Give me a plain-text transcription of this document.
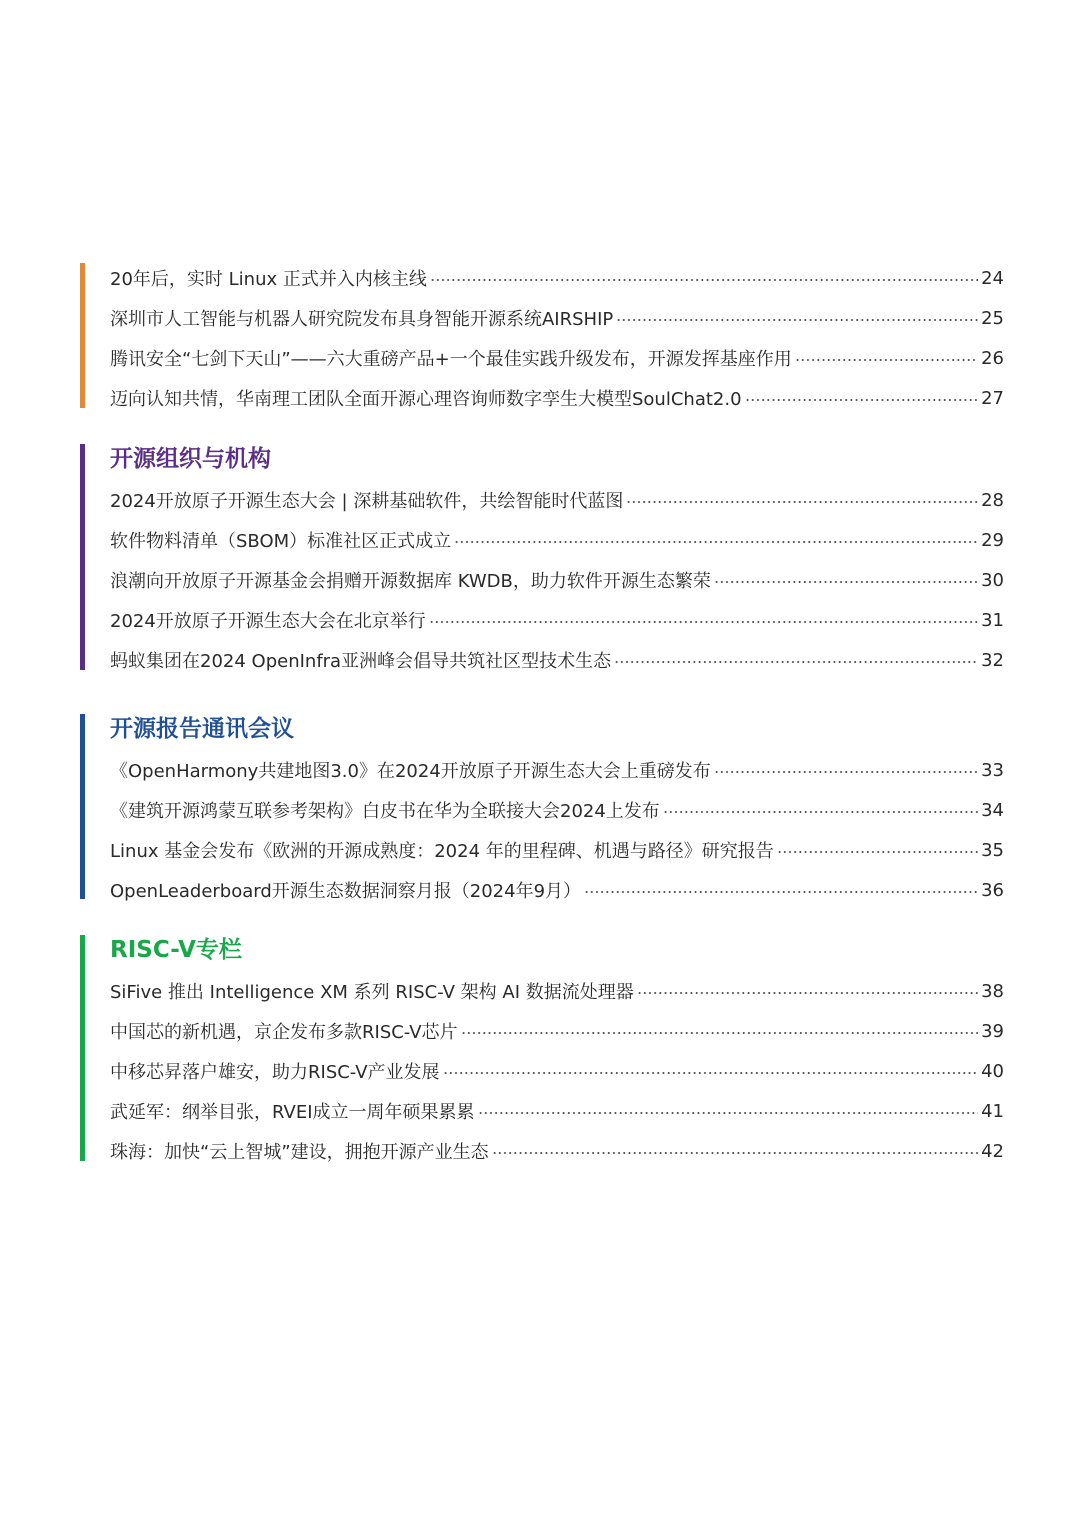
20年后，实时 Linux 正式并入内核主线	24
深圳市人工智能与机器人研究院发布具身智能开源系统AIRSHIP	25
腾讯安全“七剑下天山”——六大重磅产品+一个最佳实践升级发布，开源发挥基座作用	26
迈向认知共情，华南理工团队全面开源心理咨询师数字孪生大模型SoulChat2.0	27
开源组织与机构
2024开放原子开源生态大会 | 深耕基础软件，共绘智能时代蓝图	28
软件物料清单（SBOM）标准社区正式成立	29
浪潮向开放原子开源基金会捐赠开源数据库 KWDB，助力软件开源生态繁荣	30
2024开放原子开源生态大会在北京举行	31
蚂蚁集团在2024 OpenInfra亚洲峰会倡导共筑社区型技术生态	32
开源报告通讯会议
《OpenHarmony共建地图3.0》在2024开放原子开源生态大会上重磅发布	33
《建筑开源鸿蒙互联参考架构》白皮书在华为全联接大会2024上发布	34
Linux 基金会发布《欧洲的开源成熟度：2024 年的里程碑、机遇与路径》研究报告	35
OpenLeaderboard开源生态数据洞察月报（2024年9月）	36
RISC-V专栏
SiFive 推出 Intelligence XM 系列 RISC-V 架构 AI 数据流处理器	38
中国芯的新机遇，京企发布多款RISC-V芯片	39
中移芯昇落户雄安，助力RISC-V产业发展	40
武延军：纲举目张，RVEI成立一周年硕果累累	41
珠海：加快“云上智城”建设，拥抱开源产业生态	42
